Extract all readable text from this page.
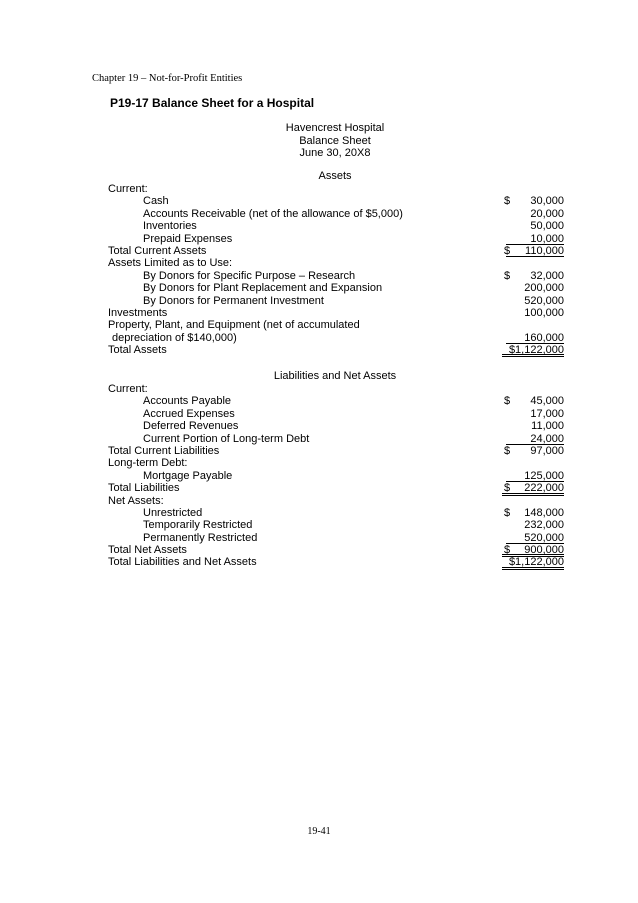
Chapter 19 – Not-for-Profit Entities
P19-17 Balance Sheet for a Hospital
Havencrest Hospital
Balance Sheet
June 30, 20X8
Assets
Current:
Cash	$ 30,000
Accounts Receivable (net of the allowance of $5,000)	20,000
Inventories	50,000
Prepaid Expenses	10,000
Total Current Assets	$ 110,000
Assets Limited as to Use:
By Donors for Specific Purpose – Research	$ 32,000
By Donors for Plant Replacement and Expansion	200,000
By Donors for Permanent Investment	520,000
Investments	100,000
Property, Plant, and Equipment (net of accumulated
depreciation of $140,000)	160,000
Total Assets	$1,122,000
Liabilities and Net Assets
Current:
Accounts Payable	$ 45,000
Accrued Expenses	17,000
Deferred Revenues	11,000
Current Portion of Long-term Debt	24,000
Total Current Liabilities	$ 97,000
Long-term Debt:
Mortgage Payable	125,000
Total Liabilities	$ 222,000
Net Assets:
Unrestricted	$ 148,000
Temporarily Restricted	232,000
Permanently Restricted	520,000
Total Net Assets	$ 900,000
Total Liabilities and Net Assets	$1,122,000
19-41
